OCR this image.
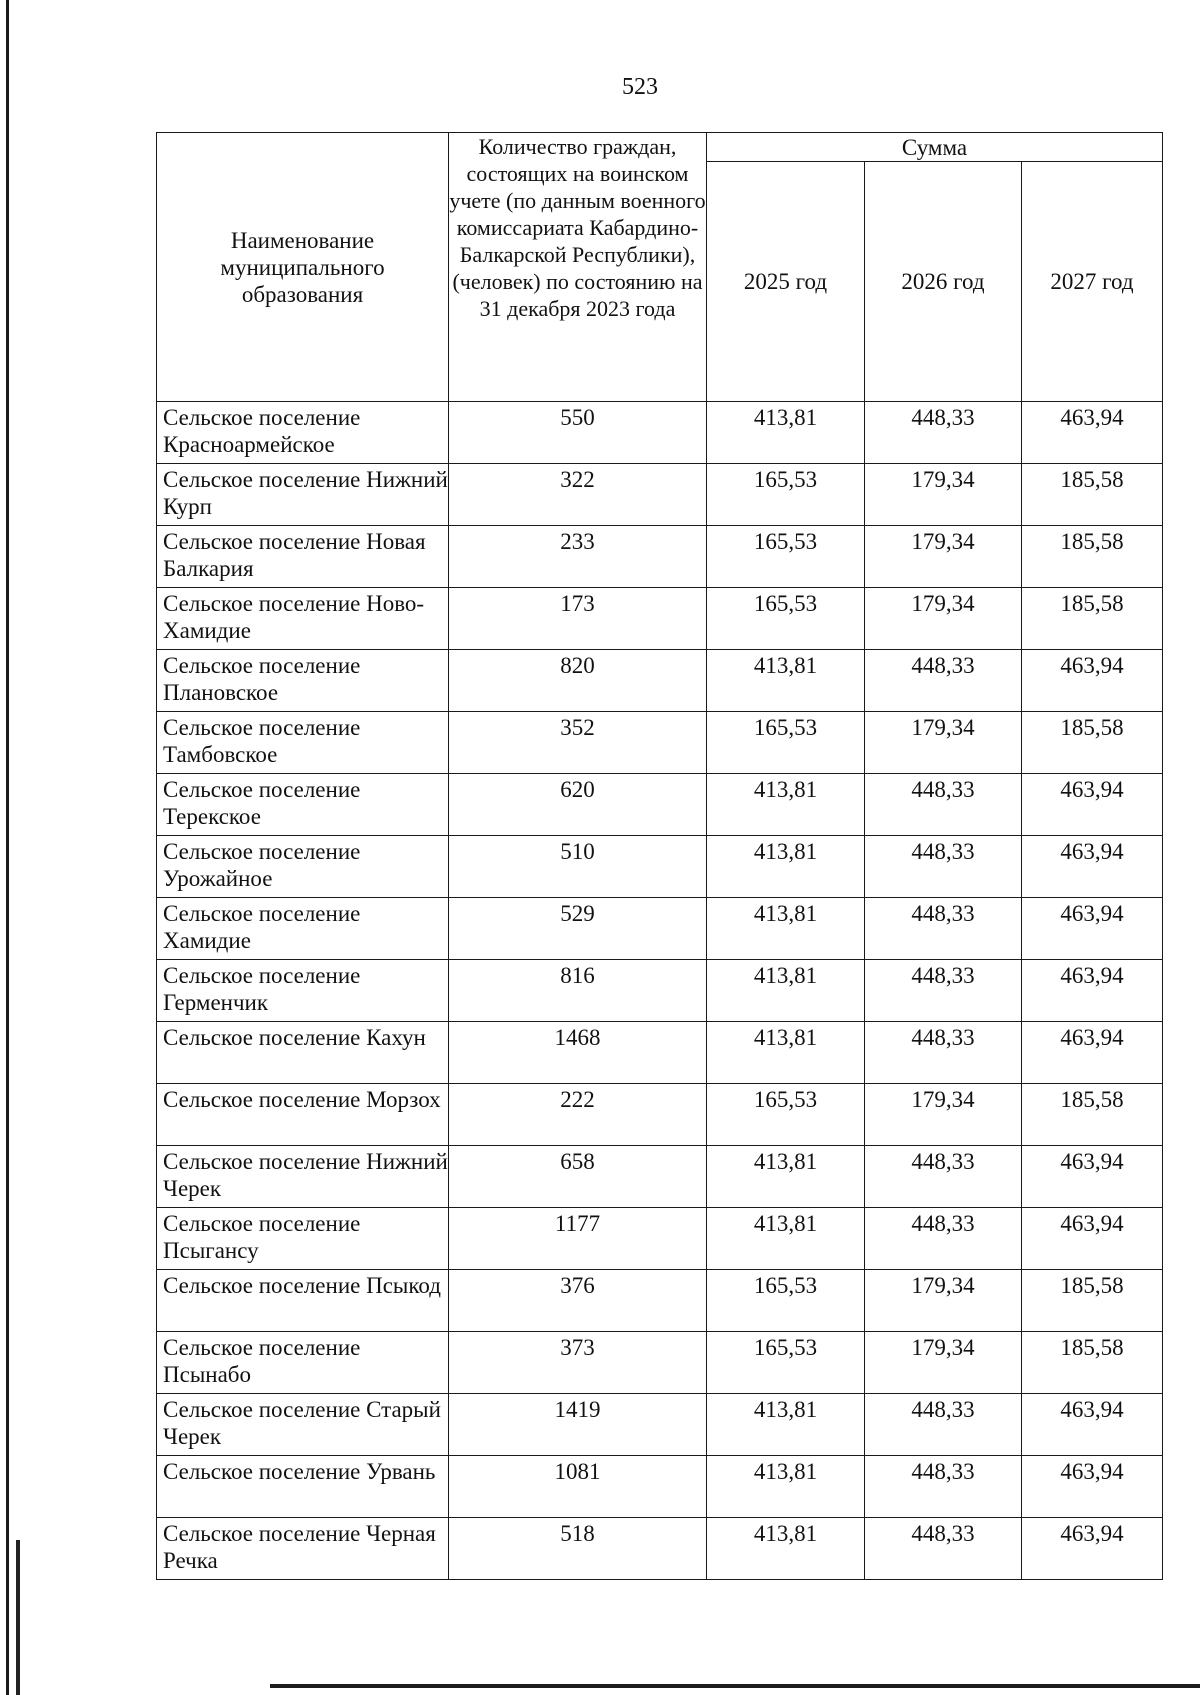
523
Наименование муниципального образования	Количество граждан, состоящих на воинском учете (по данным военного комиссариата Кабардино-Балкарской Республики), (человек) по состоянию на 31 декабря 2023 года	Сумма		
		2025 год	2026 год	2027 год
Сельское поселение Красноармейское	550	413,81	448,33	463,94
Сельское поселение Нижний Курп	322	165,53	179,34	185,58
Сельское поселение Новая Балкария	233	165,53	179,34	185,58
Сельское поселение Ново-Хамидие	173	165,53	179,34	185,58
Сельское поселение Плановское	820	413,81	448,33	463,94
Сельское поселение Тамбовское	352	165,53	179,34	185,58
Сельское поселение Терекское	620	413,81	448,33	463,94
Сельское поселение Урожайное	510	413,81	448,33	463,94
Сельское поселение Хамидие	529	413,81	448,33	463,94
Сельское поселение Герменчик	816	413,81	448,33	463,94
Сельское поселение Кахун	1468	413,81	448,33	463,94
Сельское поселение Морзох	222	165,53	179,34	185,58
Сельское поселение Нижний Черек	658	413,81	448,33	463,94
Сельское поселение Псыгансу	1177	413,81	448,33	463,94
Сельское поселение Псыкод	376	165,53	179,34	185,58
Сельское поселение Псынабо	373	165,53	179,34	185,58
Сельское поселение Старый Черек	1419	413,81	448,33	463,94
Сельское поселение Урвань	1081	413,81	448,33	463,94
Сельское поселение Черная Речка	518	413,81	448,33	463,94
